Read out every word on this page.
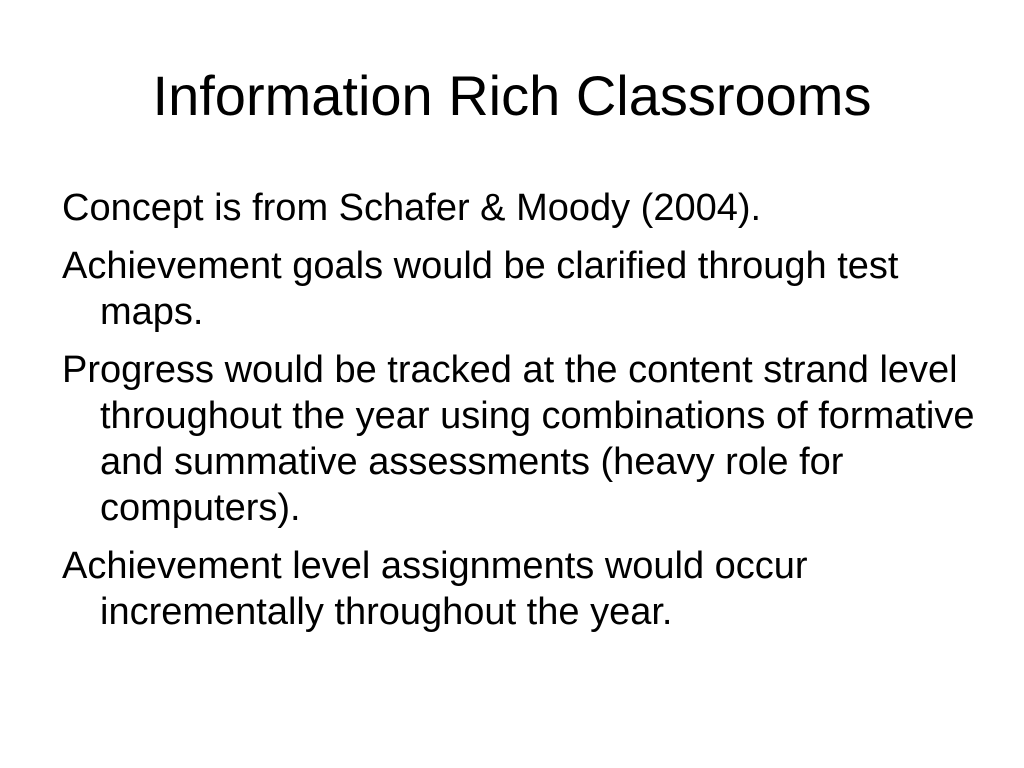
Information Rich Classrooms
Concept is from Schafer & Moody (2004).
Achievement goals would be clarified through test maps.
Progress would be tracked at the content strand level throughout the year using combinations of formative and summative assessments (heavy role for computers).
Achievement level assignments would occur incrementally throughout the year.
